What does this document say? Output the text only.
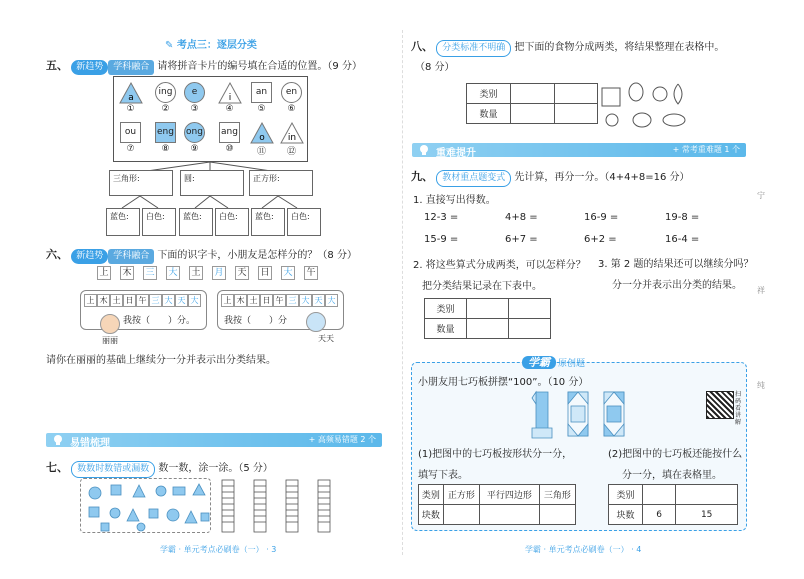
✎ 考点三：逐层分类
五、 新趋势 学科融合 请将拼音卡片的编号填在合适的位置。（9 分）
a
①
ing
②
e
③
i
④
an
⑤
en
⑥
ou
⑦
eng
⑧
ong
⑨
ang
⑩
o
⑪
in
⑫
三角形:	圆:	正方形:
蓝色:	白色:	蓝色:	白色:	蓝色:	白色:
六、 新趋势 学科融合 下面的识字卡，小朋友是怎样分的？（8 分）
上 木 三 大 土 月 天 日 大 午
上 木 土 日 午 三 大 天 大
我按（　　）分。
上 木 土 日 午 三 大 天 大
我按（　　）分
丽丽	天天
请你在丽丽的基础上继续分一分并表示出分类结果。
易错梳理	+ 高频易错题 2 个
七、 数数时数错或漏数 数一数，涂一涂。（5 分）
学霸 · 单元考点必刷卷（一） · 3
八、 分类标准不明确 把下面的食物分成两类，将结果整理在表格中。
（8 分）
类别		
数量		
重难提升	+ 常考重难题 1 个
九、 教材重点题变式 先计算，再分一分。（4+4+8=16 分）
1. 直接写出得数。
12-3 =	4+8 =	16-9 =	19-8 =
15-9 =	6+7 =	6+2 =	16-4 =
2. 将这些算式分成两类，可以怎样分？
把分类结果记录在下表中。
3. 第 2 题的结果还可以继续分吗？
分一分并表示出分类的结果。
类别		
数量		
学霸 原创题
小朋友用七巧板拼摆“100”。（10 分）
扫码看讲解
(1)把图中的七巧板按形状分一分，
填写下表。
(2)把图中的七巧板还能按什么
分一分，填在表格里。
类别	正方形	平行四边形	三角形
块数			
类别		
块数	6	15
宁
祥
纯
学霸 · 单元考点必刷卷（一） · 4
